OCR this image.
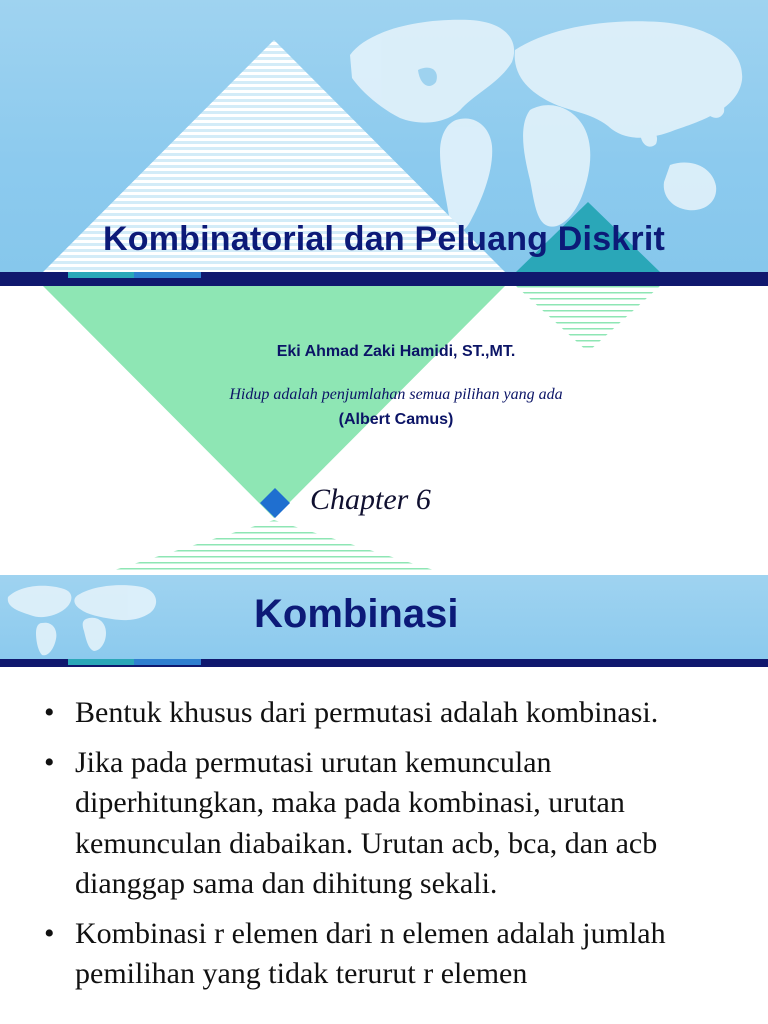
Kombinatorial dan Peluang Diskrit
Eki Ahmad Zaki Hamidi, ST.,MT.
Hidup adalah penjumlahan semua pilihan yang ada
(Albert Camus)
Chapter 6
Kombinasi
• Bentuk khusus dari permutasi adalah kombinasi.
• Jika pada permutasi urutan kemunculan diperhitungkan, maka pada kombinasi, urutan kemunculan diabaikan. Urutan acb, bca, dan acb dianggap sama dan dihitung sekali.
• Kombinasi r elemen dari n elemen adalah jumlah pemilihan yang tidak terurut r elemen
